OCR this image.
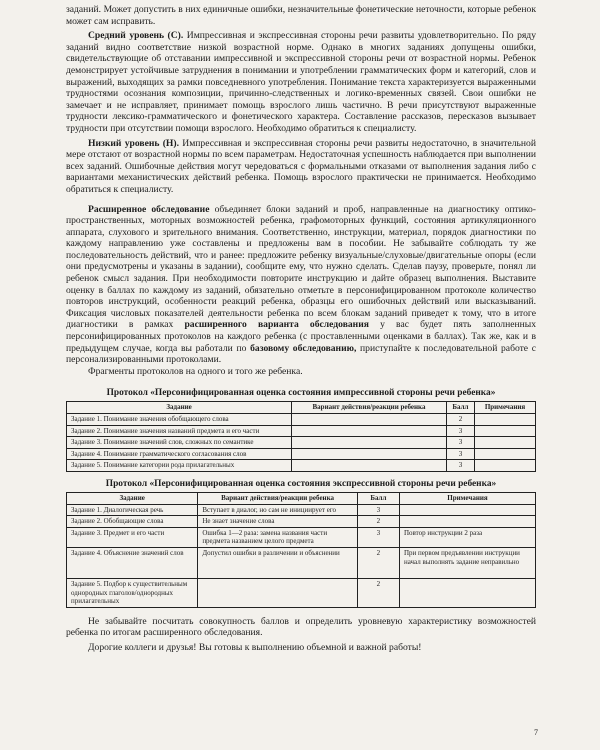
заданий. Может допустить в них единичные ошибки, незначительные фонетические неточности, которые ребенок может сам исправить.

Средний уровень (С). Импрессивная и экспрессивная стороны речи развиты удовлетворительно. По ряду заданий видно соответствие низкой возрастной норме. Однако в многих заданиях допущены ошибки, свидетельствующие об отставании импрессивной и экспрессивной стороны речи от возрастной нормы. Ребенок демонстрирует устойчивые затруднения в понимании и употреблении грамматических форм и категорий, слов и выражений, выходящих за рамки повседневного употребления. Понимание текста характеризуется выраженными трудностями осознания композиции, причинно-следственных и логико-временных связей. Свои ошибки не замечает и не исправляет, принимает помощь взрослого лишь частично. В речи присутствуют выраженные трудности лексико-грамматического и фонетического характера. Составление рассказов, пересказов вызывает трудности при отсутствии помощи взрослого. Необходимо обратиться к специалисту.

Низкий уровень (Н). Импрессивная и экспрессивная стороны речи развиты недостаточно, в значительной мере отстают от возрастной нормы по всем параметрам. Недостаточная успешность наблюдается при выполнении всех заданий. Ошибочные действия могут чередоваться с формальными отказами от выполнения задания либо с вариантами механистических действий ребенка. Помощь взрослого практически не принимается. Необходимо обратиться к специалисту.

Расширенное обследование объединяет блоки заданий и проб, направленные на диагностику оптико-пространственных, моторных возможностей ребенка, графомоторных функций, состояния артикуляционного аппарата, слухового и зрительного внимания. Соответственно, инструкции, материал, порядок диагностики по каждому направлению уже составлены и предложены вам в пособии. Не забывайте соблюдать ту же последовательность действий, что и ранее: предложите ребенку визуальные/слуховые/двигательные опоры (если они предусмотрены и указаны в задании), сообщите ему, что нужно сделать. Сделав паузу, проверьте, понял ли ребенок смысл задания. При необходимости повторите инструкцию и дайте образец выполнения. Выставите оценку в баллах по каждому из заданий, обязательно отметьте в персонифицированном протоколе количество повторов инструкций, особенности реакций ребенка, образцы его ошибочных действий или высказываний. Фиксация числовых показателей деятельности ребенка по всем блокам заданий приведет к тому, что в итоге диагностики в рамках расширенного варианта обследования у вас будет пять заполненных персонифицированных протоколов на каждого ребенка (с проставленными оценками в баллах). Так же, как и в предыдущем случае, когда вы работали по базовому обследованию, приступайте к последовательной работе с персонализированными протоколами.

Фрагменты протоколов на одного и того же ребенка.

Протокол «Персонифицированная оценка состояния импрессивной стороны речи ребенка»
Задание	Вариант действия/реакции ребенка	Балл	Примечания
Задание 1. Понимание значения обобщающего слова		2	
Задание 2. Понимание значения названий предмета и его части		3	
Задание 3. Понимание значений слов, сложных по семантике		3	
Задание 4. Понимание грамматического согласования слов		3	
Задание 5. Понимание категории рода прилагательных		3	
Протокол «Персонифицированная оценка состояния экспрессивной стороны речи ребенка»
Задание	Вариант действия/реакции ребенка	Балл	Примечания
Задание 1. Диалогическая речь	Вступает в диалог, но сам не инициирует его	3	
Задание 2. Обобщающие слова	Не знает значение слова	2	
Задание 3. Предмет и его части	Ошибка 1—2 раза: замена названия части предмета названием целого предмета	3	Повтор инструкции 2 раза
Задание 4. Объяснение значений слов	Допустил ошибки в различении и объяснении	2	При первом предъявлении инструкции начал выполнять задание неправильно
Задание 5. Подбор к существительным однородных глаголов/однородных прилагательных		2	

Не забывайте посчитать совокупность баллов и определить уровневую характеристику возможностей ребенка по итогам расширенного обследования.

Дорогие коллеги и друзья! Вы готовы к выполнению объемной и важной работы!

7
